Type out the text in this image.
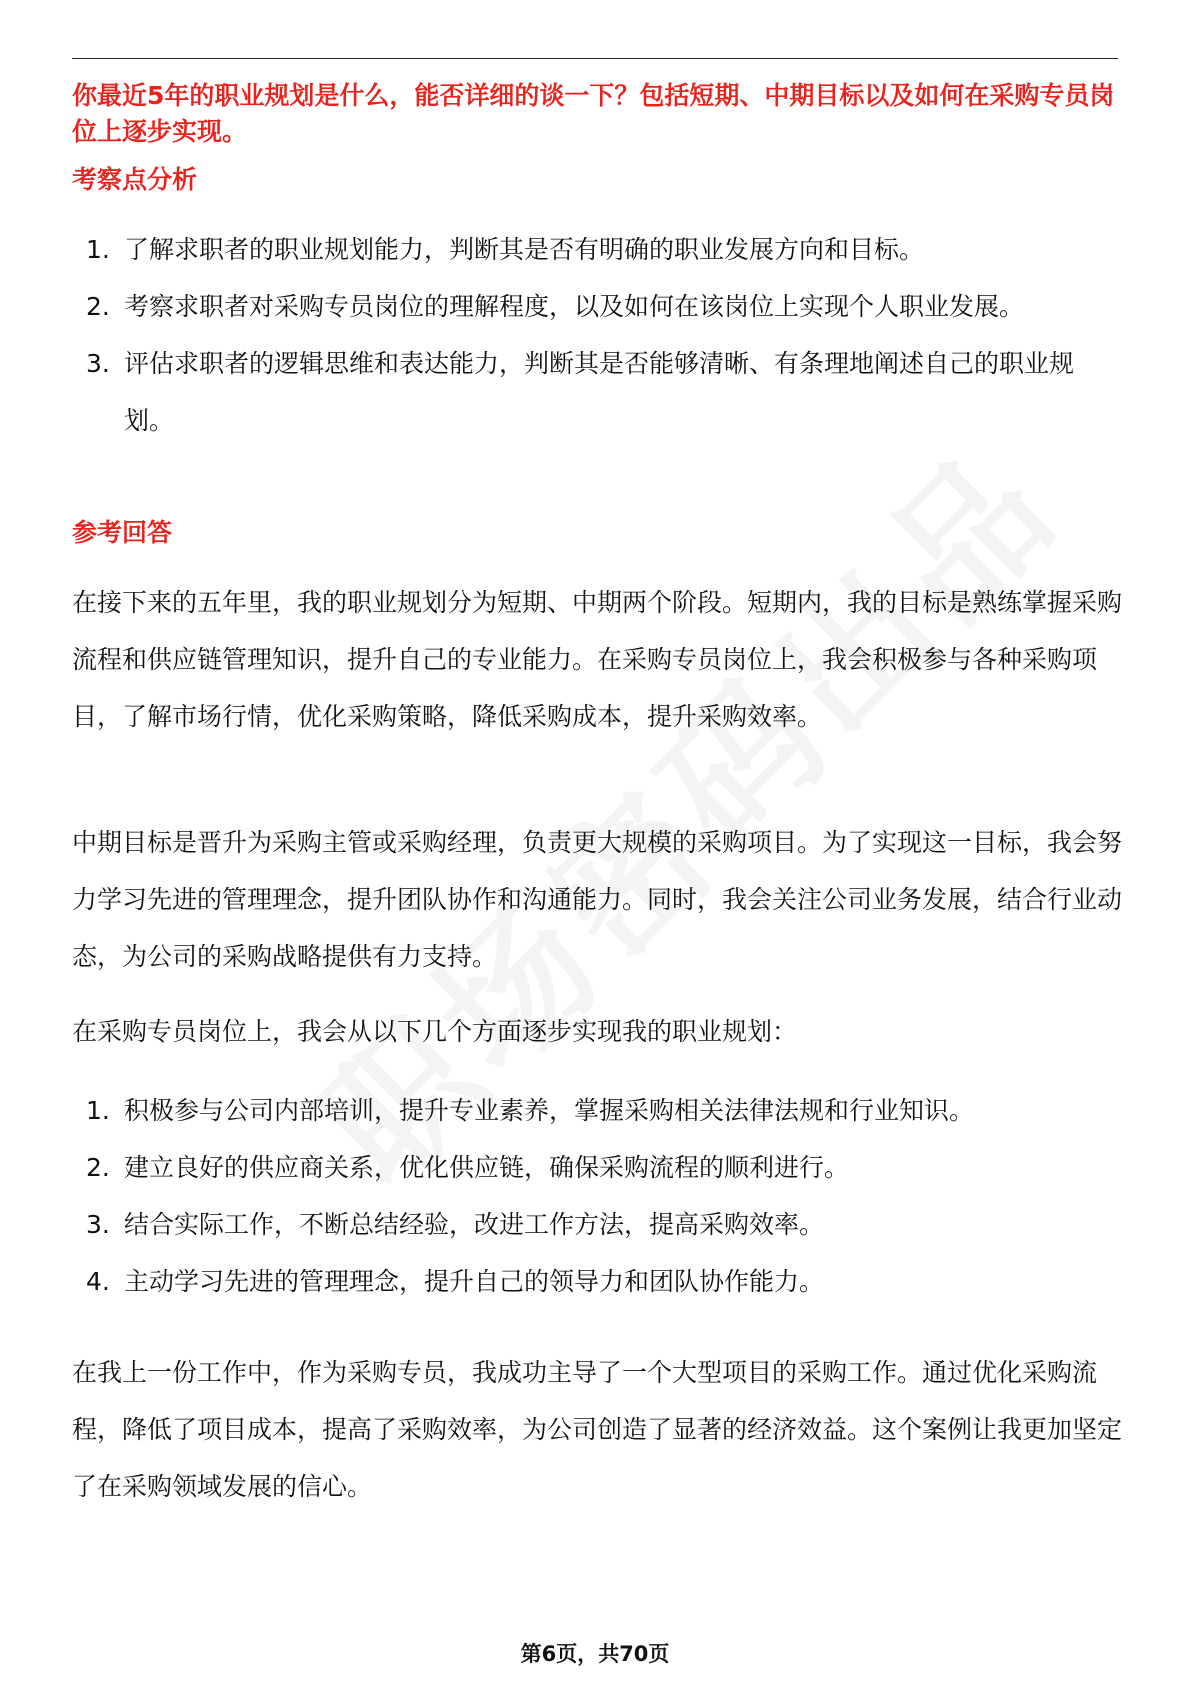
你最近5年的职业规划是什么，能否详细的谈一下？包括短期、中期目标以及如何在采购专员岗位上逐步实现。
考察点分析
1. 了解求职者的职业规划能力，判断其是否有明确的职业发展方向和目标。
2. 考察求职者对采购专员岗位的理解程度，以及如何在该岗位上实现个人职业发展。
3. 评估求职者的逻辑思维和表达能力，判断其是否能够清晰、有条理地阐述自己的职业规划。
参考回答

在接下来的五年里，我的职业规划分为短期、中期两个阶段。短期内，我的目标是熟练掌握采购流程和供应链管理知识，提升自己的专业能力。在采购专员岗位上，我会积极参与各种采购项目，了解市场行情，优化采购策略，降低采购成本，提升采购效率。

中期目标是晋升为采购主管或采购经理，负责更大规模的采购项目。为了实现这一目标，我会努力学习先进的管理理念，提升团队协作和沟通能力。同时，我会关注公司业务发展，结合行业动态，为公司的采购战略提供有力支持。

在采购专员岗位上，我会从以下几个方面逐步实现我的职业规划：

1. 积极参与公司内部培训，提升专业素养，掌握采购相关法律法规和行业知识。
2. 建立良好的供应商关系，优化供应链，确保采购流程的顺利进行。
3. 结合实际工作，不断总结经验，改进工作方法，提高采购效率。
4. 主动学习先进的管理理念，提升自己的领导力和团队协作能力。

在我上一份工作中，作为采购专员，我成功主导了一个大型项目的采购工作。通过优化采购流程，降低了项目成本，提高了采购效率，为公司创造了显著的经济效益。这个案例让我更加坚定了在采购领域发展的信心。

第6页，共70页
